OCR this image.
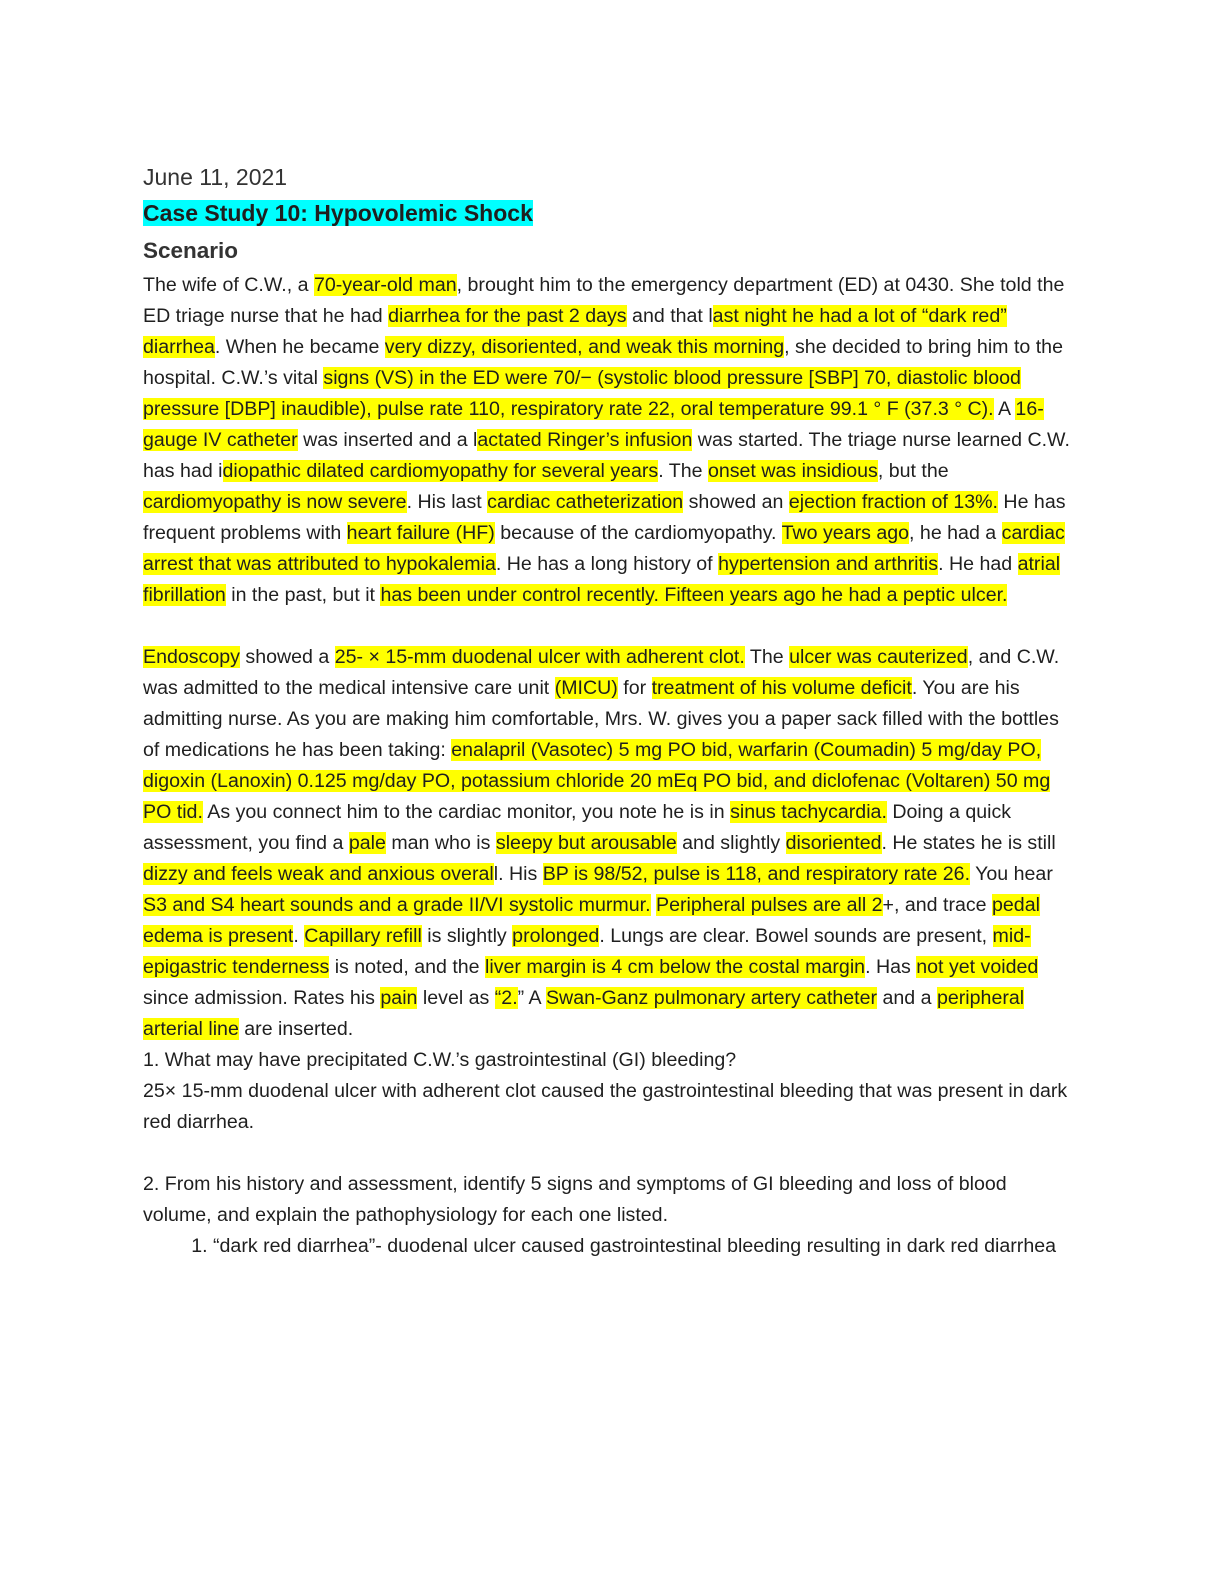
June 11, 2021
Case Study 10: Hypovolemic Shock
Scenario

The wife of C.W., a 70-year-old man, brought him to the emergency department (ED) at 0430. She told the ED triage nurse that he had diarrhea for the past 2 days and that last night he had a lot of “dark red” diarrhea. When he became very dizzy, disoriented, and weak this morning, she decided to bring him to the hospital. C.W.’s vital signs (VS) in the ED were 70/− (systolic blood pressure [SBP] 70, diastolic blood pressure [DBP] inaudible), pulse rate 110, respiratory rate 22, oral temperature 99.1 ° F (37.3 ° C). A 16-gauge IV catheter was inserted and a lactated Ringer’s infusion was started. The triage nurse learned C.W. has had idiopathic dilated cardiomyopathy for several years. The onset was insidious, but the cardiomyopathy is now severe. His last cardiac catheterization showed an ejection fraction of 13%. He has frequent problems with heart failure (HF) because of the cardiomyopathy. Two years ago, he had a cardiac arrest that was attributed to hypokalemia. He has a long history of hypertension and arthritis. He had atrial fibrillation in the past, but it has been under control recently. Fifteen years ago he had a peptic ulcer.

Endoscopy showed a 25- × 15-mm duodenal ulcer with adherent clot. The ulcer was cauterized, and C.W. was admitted to the medical intensive care unit (MICU) for treatment of his volume deficit. You are his admitting nurse. As you are making him comfortable, Mrs. W. gives you a paper sack filled with the bottles of medications he has been taking: enalapril (Vasotec) 5 mg PO bid, warfarin (Coumadin) 5 mg/day PO, digoxin (Lanoxin) 0.125 mg/day PO, potassium chloride 20 mEq PO bid, and diclofenac (Voltaren) 50 mg PO tid. As you connect him to the cardiac monitor, you note he is in sinus tachycardia. Doing a quick assessment, you find a pale man who is sleepy but arousable and slightly disoriented. He states he is still dizzy and feels weak and anxious overall. His BP is 98/52, pulse is 118, and respiratory rate 26. You hear S3 and S4 heart sounds and a grade II/VI systolic murmur. Peripheral pulses are all 2+, and trace pedal edema is present. Capillary refill is slightly prolonged. Lungs are clear. Bowel sounds are present, mid-epigastric tenderness is noted, and the liver margin is 4 cm below the costal margin. Has not yet voided since admission. Rates his pain level as “2.” A Swan-Ganz pulmonary artery catheter and a peripheral arterial line are inserted.

1. What may have precipitated C.W.’s gastrointestinal (GI) bleeding?

25× 15-mm duodenal ulcer with adherent clot caused the gastrointestinal bleeding that was present in dark red diarrhea.

2. From his history and assessment, identify 5 signs and symptoms of GI bleeding and loss of blood volume, and explain the pathophysiology for each one listed.

1. “dark red diarrhea”- duodenal ulcer caused gastrointestinal bleeding resulting in dark red diarrhea
